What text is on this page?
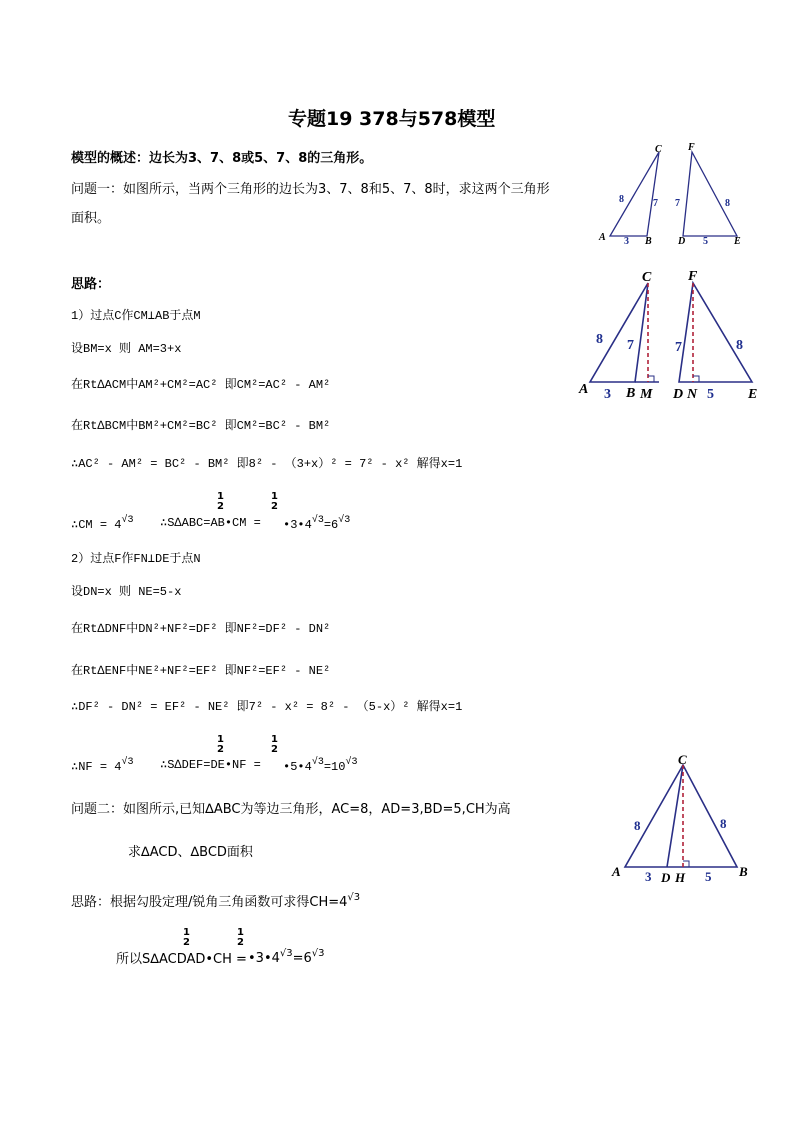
专题19 378与578模型
模型的概述：边长为3、7、8或5、7、8的三角形。
问题一：如图所示，当两个三角形的边长为3、7、8和5、7、8时，求这两个三角形
面积。
思路：
1）过点C作CM⊥AB于点M
设BM=x 则 AM=3+x
在Rt∆ACM中AM²+CM²=AC² 即CM²=AC² - AM²
在Rt∆BCM中BM²+CM²=BC² 即CM²=BC² - BM²
∴AC² - AM² = BC² - BM² 即8² - （3+x）² = 7² - x² 解得x=1
∴CM = $4^{√3}$ ∴S∆ABC=AB•CM =
1
2
1
2
$•3•4^{√3}=6^{√3}$
2）过点F作FN⊥DE于点N
设DN=x 则 NE=5-x
在Rt∆DNF中DN²+NF²=DF² 即NF²=DF² - DN²
在Rt∆ENF中NE²+NF²=EF² 即NF²=EF² - NE²
∴DF² - DN² = EF² - NE² 即7² - x² = 8² - （5-x）² 解得x=1
∴NF = $4^{√3}$ ∴S∆DEF=DE•NF =
1
2
1
2
$•5•4^{√3}=10^{√3}$
问题二：如图所示,已知∆ABC为等边三角形，AC=8，AD=3,BD=5,CH为高
求∆ACD、∆BCD面积
思路：根据勾股定理/锐角三角函数可求得$CH=4^{√3}$
所以S∆ACDAD•CH =
1
2
1
2
$•3•4^{√3}=6^{√3}$
A	B
C
D	E
F
8	7
3
7	8
5
A	B
C
M D N	E
F
8 7
3
7	8
5
A	B
C
D H
8	8
3	5
